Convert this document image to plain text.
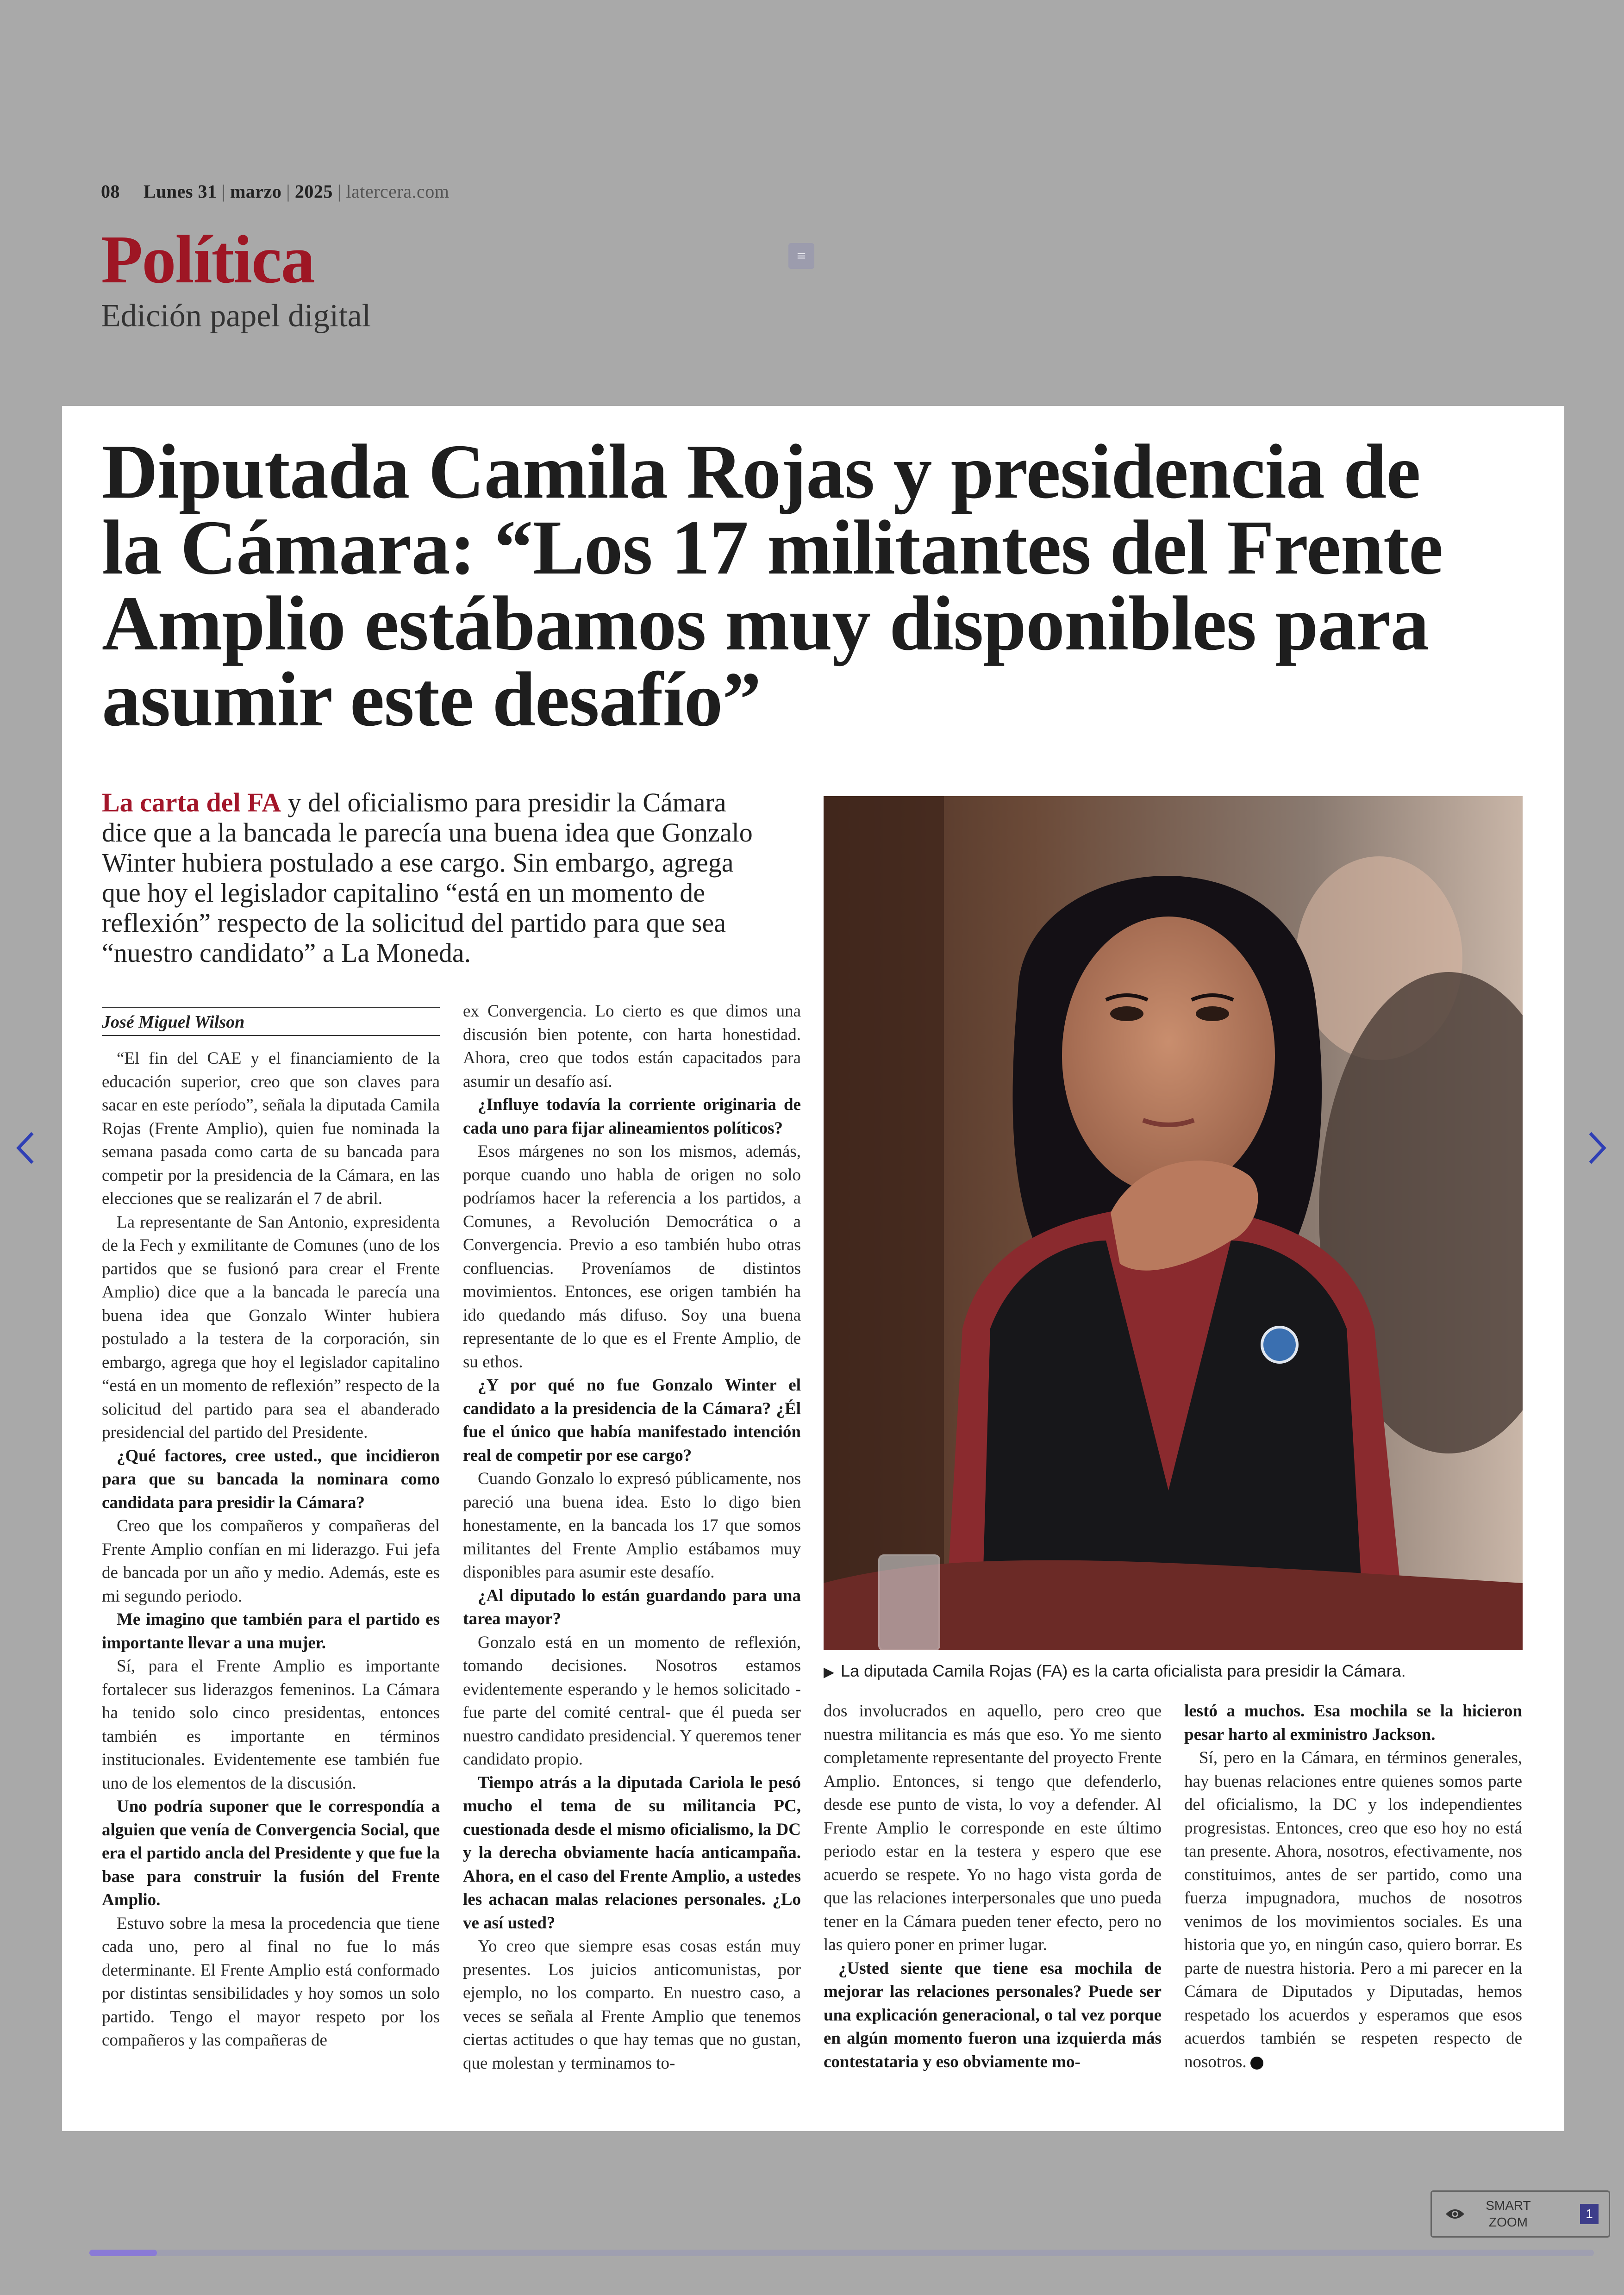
08 Lunes 31 | marzo | 2025 | latercera.com
Política
Edición papel digital
≡
Diputada Camila Rojas y presidencia de la Cámara: “Los 17 militantes del Frente Amplio estábamos muy disponibles para asumir este desafío”
La carta del FA y del oficialismo para presidir la Cámara dice que a la bancada le parecía una buena idea que Gonzalo Winter hubiera postulado a ese cargo. Sin embargo, agrega que hoy el legislador capitalino “está en un momento de reflexión” respecto de la solicitud del partido para que sea “nuestro candidato” a La Moneda.
▶ La diputada Camila Rojas (FA) es la carta oficialista para presidir la Cámara.
José Miguel Wilson

“El fin del CAE y el financiamiento de la educación superior, creo que son claves para sacar en este período”, señala la diputada Camila Rojas (Frente Amplio), quien fue nominada la semana pasada como carta de su bancada para competir por la presidencia de la Cámara, en las elecciones que se realizarán el 7 de abril.

La representante de San Antonio, expresidenta de la Fech y exmilitante de Comunes (uno de los partidos que se fusionó para crear el Frente Amplio) dice que a la bancada le parecía una buena idea que Gonzalo Winter hubiera postulado a la testera de la corporación, sin embargo, agrega que hoy el legislador capitalino “está en un momento de reflexión” respecto de la solicitud del partido para sea el abanderado presidencial del partido del Presidente.

¿Qué factores, cree usted., que incidieron para que su bancada la nominara como candidata para presidir la Cámara?

Creo que los compañeros y compañeras del Frente Amplio confían en mi liderazgo. Fui jefa de bancada por un año y medio. Además, este es mi segundo periodo.

Me imagino que también para el partido es importante llevar a una mujer.

Sí, para el Frente Amplio es importante fortalecer sus liderazgos femeninos. La Cámara ha tenido solo cinco presidentas, entonces también es importante en términos institucionales. Evidentemente ese también fue uno de los elementos de la discusión.

Uno podría suponer que le correspondía a alguien que venía de Convergencia Social, que era el partido ancla del Presidente y que fue la base para construir la fusión del Frente Amplio.

Estuvo sobre la mesa la procedencia que tiene cada uno, pero al final no fue lo más determinante. El Frente Amplio está conformado por distintas sensibilidades y hoy somos un solo partido. Tengo el mayor respeto por los compañeros y las compañeras de

ex Convergencia. Lo cierto es que dimos una discusión bien potente, con harta honestidad. Ahora, creo que todos están capacitados para asumir un desafío así.

¿Influye todavía la corriente originaria de cada uno para fijar alineamientos políticos?

Esos márgenes no son los mismos, además, porque cuando uno habla de origen no solo podríamos hacer la referencia a los partidos, a Comunes, a Revolución Democrática o a Convergencia. Previo a eso también hubo otras confluencias. Proveníamos de distintos movimientos. Entonces, ese origen también ha ido quedando más difuso. Soy una buena representante de lo que es el Frente Amplio, de su ethos.

¿Y por qué no fue Gonzalo Winter el candidato a la presidencia de la Cámara? ¿Él fue el único que había manifestado intención real de competir por ese cargo?

Cuando Gonzalo lo expresó públicamente, nos pareció una buena idea. Esto lo digo bien honestamente, en la bancada los 17 que somos militantes del Frente Amplio estábamos muy disponibles para asumir este desafío.

¿Al diputado lo están guardando para una tarea mayor?

Gonzalo está en un momento de reflexión, tomando decisiones. Nosotros estamos evidentemente esperando y le hemos solicitado -fue parte del comité central- que él pueda ser nuestro candidato presidencial. Y queremos tener candidato propio.

Tiempo atrás a la diputada Cariola le pesó mucho el tema de su militancia PC, cuestionada desde el mismo oficialismo, la DC y la derecha obviamente hacía anticampaña. Ahora, en el caso del Frente Amplio, a ustedes les achacan malas relaciones personales. ¿Lo ve así usted?

Yo creo que siempre esas cosas están muy presentes. Los juicios anticomunistas, por ejemplo, no los comparto. En nuestro caso, a veces se señala al Frente Amplio que tenemos ciertas actitudes o que hay temas que no gustan, que molestan y terminamos to-

dos involucrados en aquello, pero creo que nuestra militancia es más que eso. Yo me siento completamente representante del proyecto Frente Amplio. Entonces, si tengo que defenderlo, desde ese punto de vista, lo voy a defender. Al Frente Amplio le corresponde en este último periodo estar en la testera y espero que ese acuerdo se respete. Yo no hago vista gorda de que las relaciones interpersonales que uno pueda tener en la Cámara pueden tener efecto, pero no las quiero poner en primer lugar.

¿Usted siente que tiene esa mochila de mejorar las relaciones personales? Puede ser una explicación generacional, o tal vez porque en algún momento fueron una izquierda más contestataria y eso obviamente mo-

lestó a muchos. Esa mochila se la hicieron pesar harto al exministro Jackson.

Sí, pero en la Cámara, en términos generales, hay buenas relaciones entre quienes somos parte del oficialismo, la DC y los independientes progresistas. Entonces, creo que eso hoy no está tan presente. Ahora, nosotros, efectivamente, nos constituimos, antes de ser partido, como una fuerza impugnadora, muchos de nosotros venimos de los movimientos sociales. Es una historia que yo, en ningún caso, quiero borrar. Es parte de nuestra historia. Pero a mi parecer en la Cámara de Diputados y Diputadas, hemos respetado los acuerdos y esperamos que esos acuerdos también se respeten respecto de nosotros.

SMART ZOOM
1
